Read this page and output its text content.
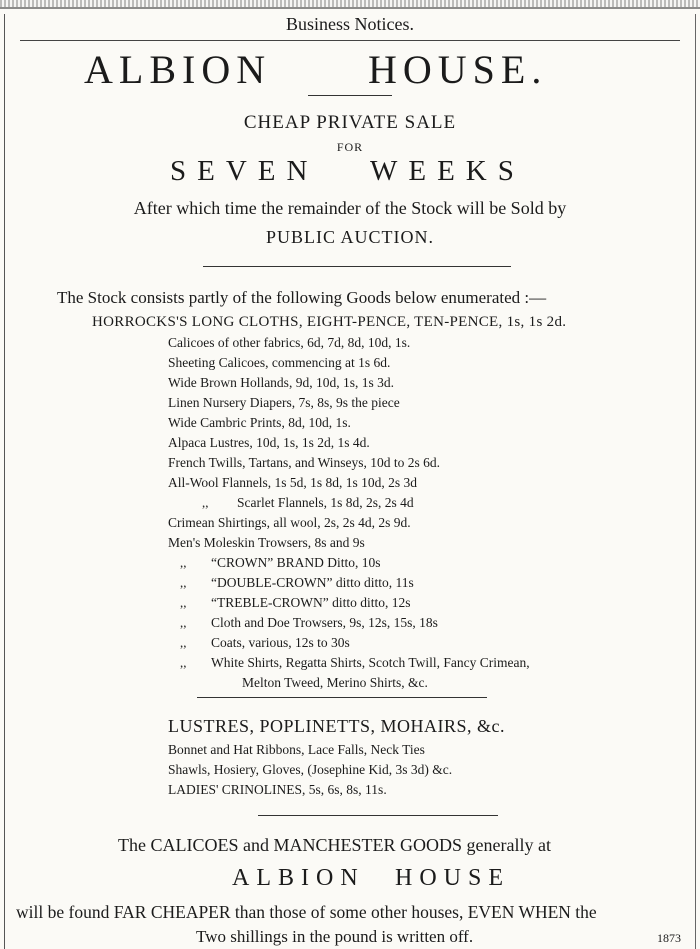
Business Notices.
ALBION HOUSE.
CHEAP PRIVATE SALE
FOR
SEVEN WEEKS
After which time the remainder of the Stock will be Sold by
PUBLIC AUCTION.
The Stock consists partly of the following Goods below enumerated :—
HORROCKS'S LONG CLOTHS, EIGHT-PENCE, TEN-PENCE, 1s, 1s 2d.
Calicoes of other fabrics, 6d, 7d, 8d, 10d, 1s.
Sheeting Calicoes, commencing at 1s 6d.
Wide Brown Hollands, 9d, 10d, 1s, 1s 3d.
Linen Nursery Diapers, 7s, 8s, 9s the piece
Wide Cambric Prints, 8d, 10d, 1s.
Alpaca Lustres, 10d, 1s, 1s 2d, 1s 4d.
French Twills, Tartans, and Winseys, 10d to 2s 6d.
All-Wool Flannels, 1s 5d, 1s 8d, 1s 10d, 2s 3d
,, Scarlet Flannels, 1s 8d, 2s, 2s 4d
Crimean Shirtings, all wool, 2s, 2s 4d, 2s 9d.
Men's Moleskin Trowsers, 8s and 9s
,, “CROWN” BRAND Ditto, 10s
,, “DOUBLE-CROWN” ditto ditto, 11s
,, “TREBLE-CROWN” ditto ditto, 12s
,, Cloth and Doe Trowsers, 9s, 12s, 15s, 18s
,, Coats, various, 12s to 30s
,, White Shirts, Regatta Shirts, Scotch Twill, Fancy Crimean,
Melton Tweed, Merino Shirts, &c.
LUSTRES, POPLINETTS, MOHAIRS, &c.
Bonnet and Hat Ribbons, Lace Falls, Neck Ties
Shawls, Hosiery, Gloves, (Josephine Kid, 3s 3d) &c.
LADIES' CRINOLINES, 5s, 6s, 8s, 11s.
The CALICOES and MANCHESTER GOODS generally at
ALBION HOUSE
will be found FAR CHEAPER than those of some other houses, EVEN WHEN the
Two shillings in the pound is written off.	1873
